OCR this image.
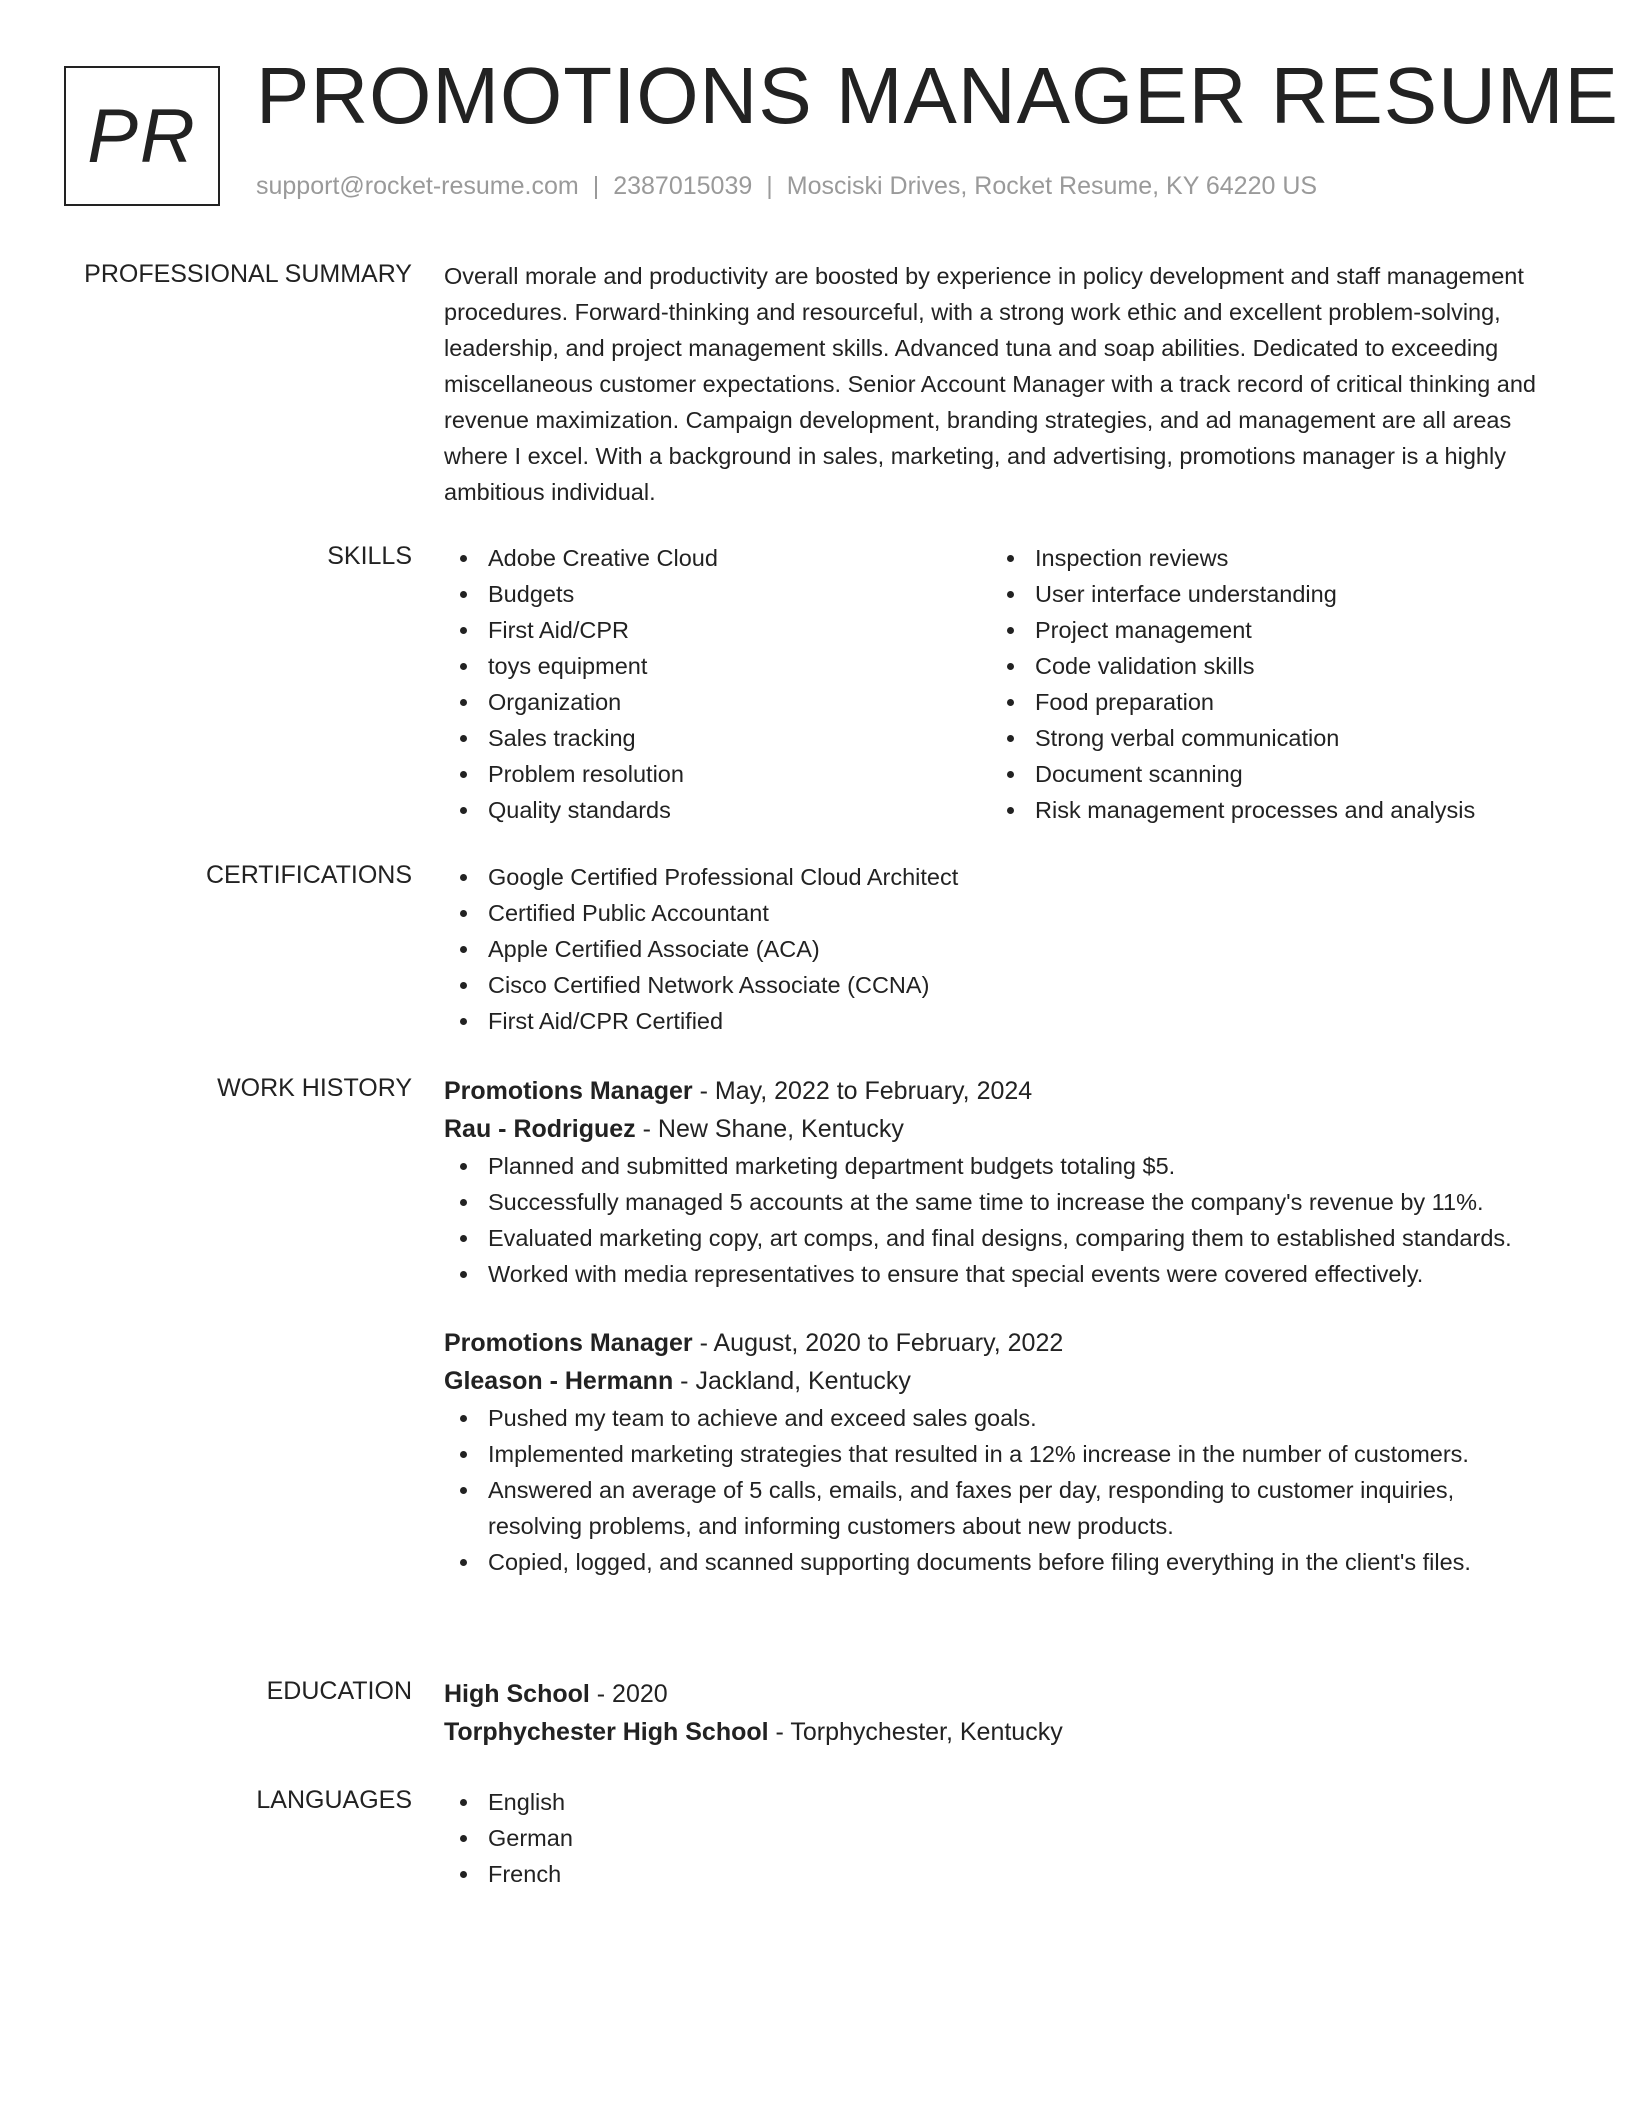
PR PROMOTIONS MANAGER RESUME
support@rocket-resume.com | 2387015039 | Mosciski Drives, Rocket Resume, KY 64220 US
PROFESSIONAL SUMMARY Overall morale and productivity are boosted by experience in policy development and staff management procedures. Forward-thinking and resourceful, with a strong work ethic and excellent problem-solving, leadership, and project management skills. Advanced tuna and soap abilities. Dedicated to exceeding miscellaneous customer expectations. Senior Account Manager with a track record of critical thinking and revenue maximization. Campaign development, branding strategies, and ad management are all areas where I excel. With a background in sales, marketing, and advertising, promotions manager is a highly ambitious individual.

SKILLS	Adobe Creative Cloud
Budgets
First Aid/CPR
toys equipment
Organization
Sales tracking
Problem resolution
Quality standards
Inspection reviews
User interface understanding
Project management
Code validation skills
Food preparation
Strong verbal communication
Document scanning
Risk management processes and analysis
CERTIFICATIONS	Google Certified Professional Cloud Architect
Certified Public Accountant
Apple Certified Associate (ACA)
Cisco Certified Network Associate (CCNA)
First Aid/CPR Certified
WORK HISTORY Promotions Manager - May, 2022 to February, 2024
Rau - Rodriguez - New Shane, Kentucky
Planned and submitted marketing department budgets totaling $5.
Successfully managed 5 accounts at the same time to increase the company's revenue by 11%.
Evaluated marketing copy, art comps, and final designs, comparing them to established standards.
Worked with media representatives to ensure that special events were covered effectively.
Promotions Manager - August, 2020 to February, 2022
Gleason - Hermann - Jackland, Kentucky
Pushed my team to achieve and exceed sales goals.
Implemented marketing strategies that resulted in a 12% increase in the number of customers.
Answered an average of 5 calls, emails, and faxes per day, responding to customer inquiries, resolving problems, and informing customers about new products.
Copied, logged, and scanned supporting documents before filing everything in the client's files.
EDUCATION High School - 2020
Torphychester High School - Torphychester, Kentucky
LANGUAGES	English
German
French
